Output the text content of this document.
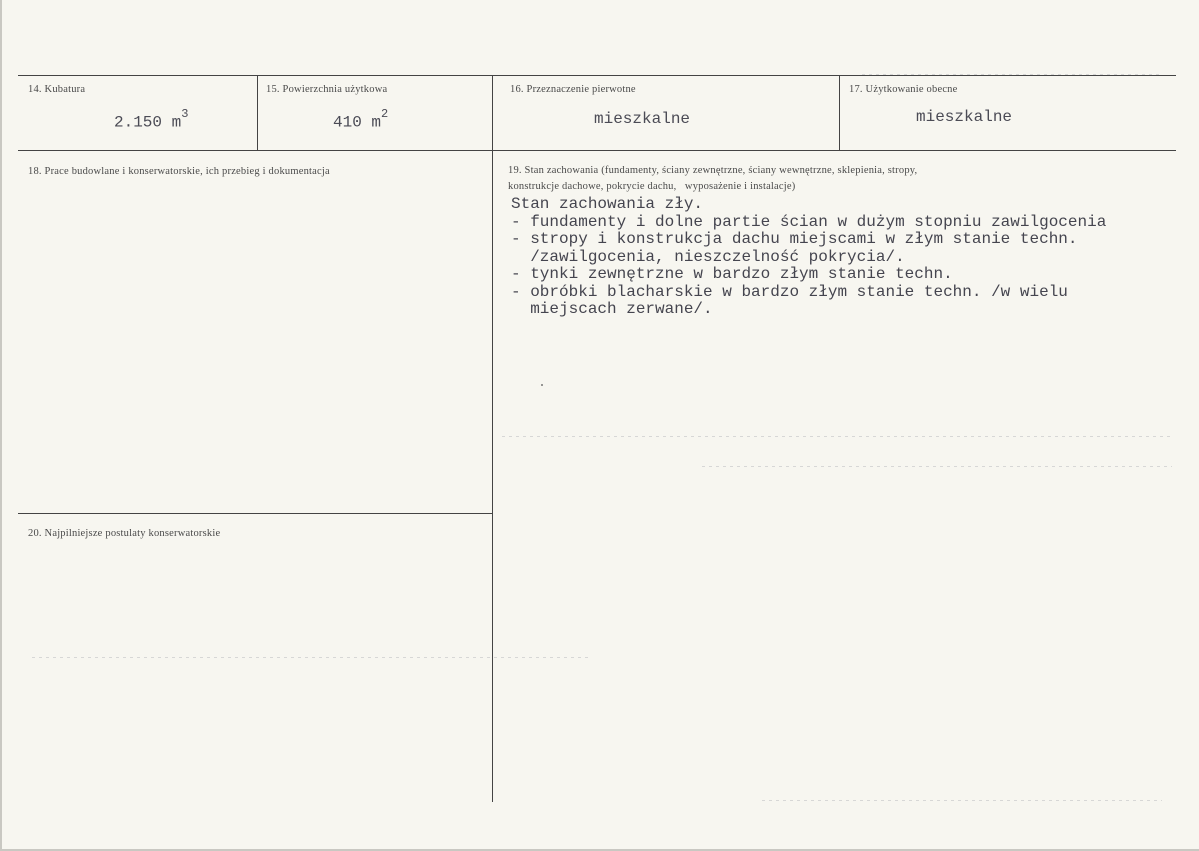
14. Kubatura
2.150 $m^3$
15. Powierzchnia użytkowa
410 $m^2$
16. Przeznaczenie pierwotne
mieszkalne
17. Użytkowanie obecne
mieszkalne
18. Prace budowlane i konserwatorskie, ich przebieg i dokumentacja	19. Stan zachowania (fundamenty, ściany zewnętrzne, ściany wewnętrzne, sklepienia, stropy,
konstrukcje dachowe, pokrycie dachu,   wyposażenie i instalacje)
Stan zachowania zły.
- fundamenty i dolne partie ścian w dużym stopniu zawilgocenia
- stropy i konstrukcja dachu miejscami w złym stanie techn.
/zawilgocenia, nieszczelność pokrycia/.
- tynki zewnętrzne w bardzo złym stanie techn.
- obróbki blacharskie w bardzo złym stanie techn. /w wielu
miejscach zerwane/.
20. Najpilniejsze postulaty konserwatorskie
